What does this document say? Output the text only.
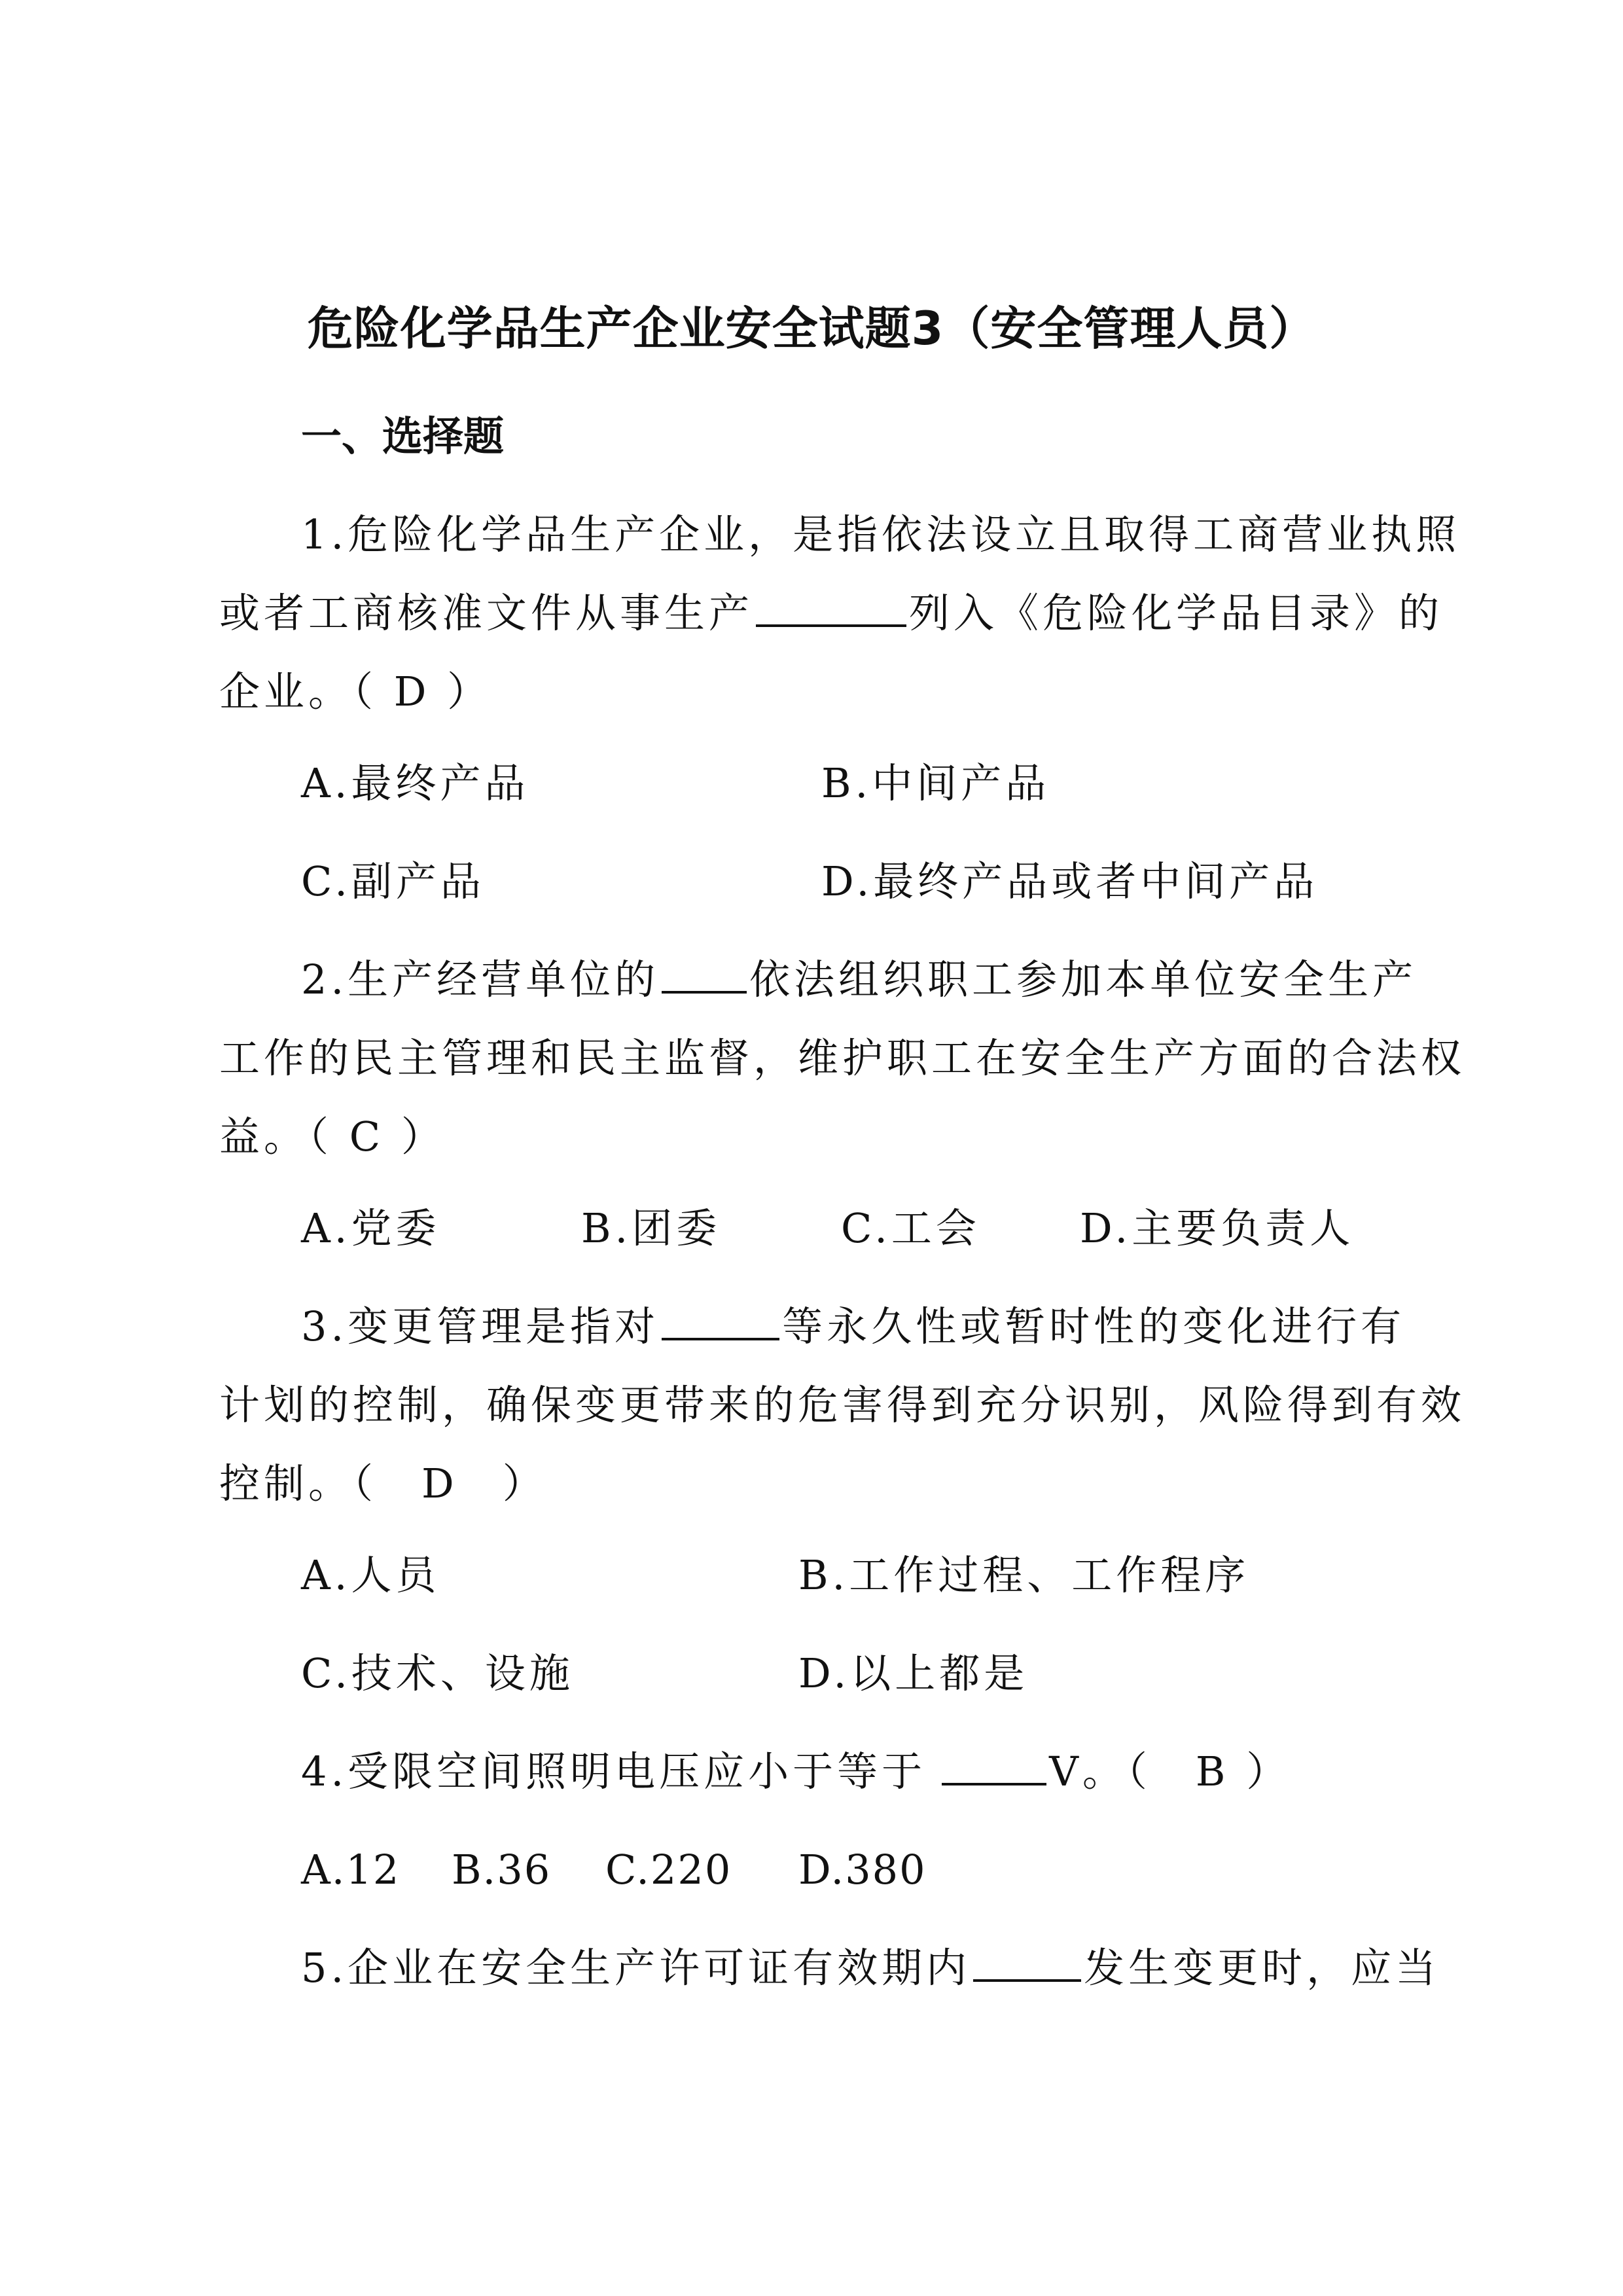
危险化学品生产企业安全试题3（安全管理人员）
一、选择题
1.危险化学品生产企业，是指依法设立且取得工商营业执照
或者工商核准文件从事生产	列入《危险化学品目录》的
企业。（ D ）
A.最终产品	B.中间产品
C.副产品	D.最终产品或者中间产品
2.生产经营单位的 依法组织职工参加本单位安全生产
工作的民主管理和民主监督，维护职工在安全生产方面的合法权
益。（ C ）
A.党委	B.团委	C.工会 D.主要负责人
3.变更管理是指对	等永久性或暂时性的变化进行有
计划的控制，确保变更带来的危害得到充分识别，风险得到有效
控制。（　D　）
A.人员	B.工作过程、工作程序
C.技术、设施	D.以上都是
4.受限空间照明电压应小于等于	V。（　B ）
A.12 B.36 C.220 D.380
5.企业在安全生产许可证有效期内	发生变更时，应当
